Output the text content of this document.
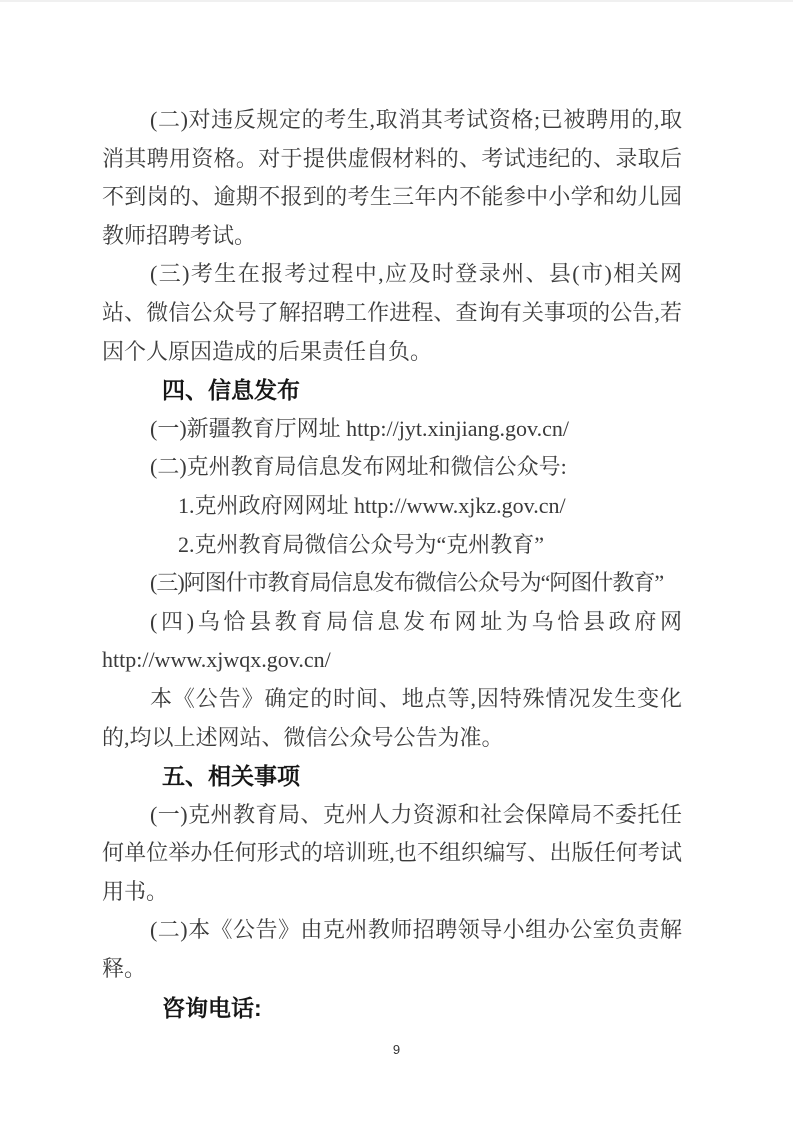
(二)对违反规定的考生,取消其考试资格;已被聘用的,取消其聘用资格。对于提供虚假材料的、考试违纪的、录取后不到岗的、逾期不报到的考生三年内不能参中小学和幼儿园教师招聘考试。

(三)考生在报考过程中,应及时登录州、县(市)相关网站、微信公众号了解招聘工作进程、查询有关事项的公告,若因个人原因造成的后果责任自负。

四、信息发布

(一)新疆教育厅网址 http://jyt.xinjiang.gov.cn/

(二)克州教育局信息发布网址和微信公众号:

1.克州政府网网址 http://www.xjkz.gov.cn/

2.克州教育局微信公众号为“克州教育”

(三)阿图什市教育局信息发布微信公众号为“阿图什教育”

(四)乌恰县教育局信息发布网址为乌恰县政府网http://www.xjwqx.gov.cn/

本《公告》确定的时间、地点等,因特殊情况发生变化的,均以上述网站、微信公众号公告为准。

五、相关事项

(一)克州教育局、克州人力资源和社会保障局不委托任何单位举办任何形式的培训班,也不组织编写、出版任何考试用书。

(二)本《公告》由克州教师招聘领导小组办公室负责解释。

咨询电话:

9
